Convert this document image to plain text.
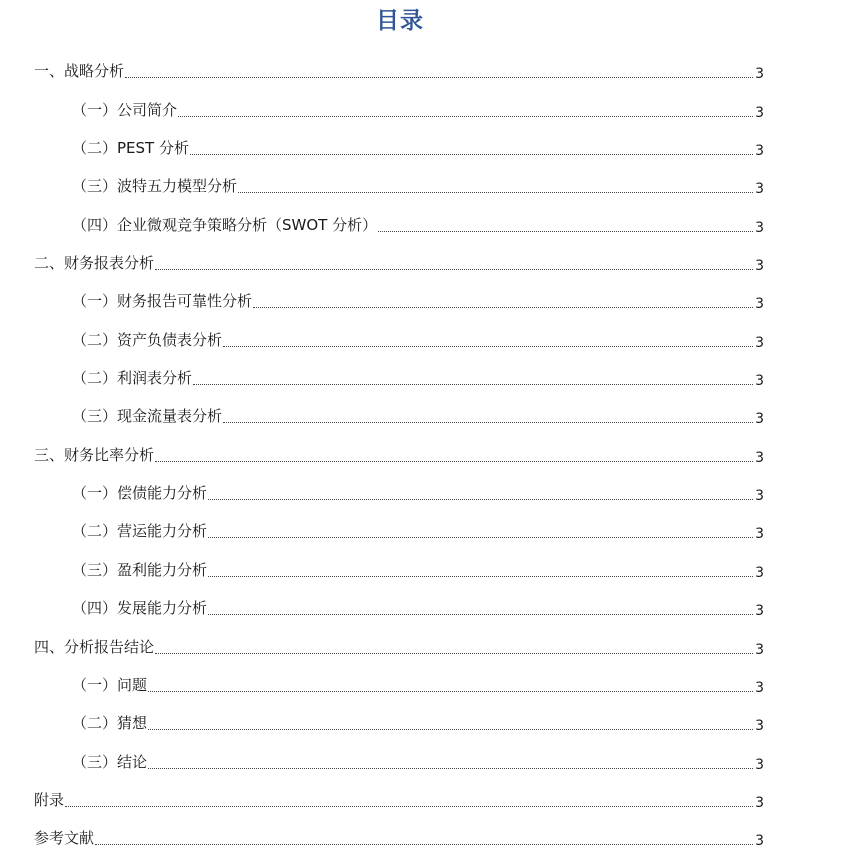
目录
一、战略分析	3
（一）公司简介	3
（二）PEST 分析	3
（三）波特五力模型分析	3
（四）企业微观竞争策略分析（SWOT 分析）	3
二、财务报表分析	3
（一）财务报告可靠性分析	3
（二）资产负债表分析	3
（二）利润表分析	3
（三）现金流量表分析	3
三、财务比率分析	3
（一）偿债能力分析	3
（二）营运能力分析	3
（三）盈利能力分析	3
（四）发展能力分析	3
四、分析报告结论	3
（一）问题	3
（二）猜想	3
（三）结论	3
附录	3
参考文献	3
